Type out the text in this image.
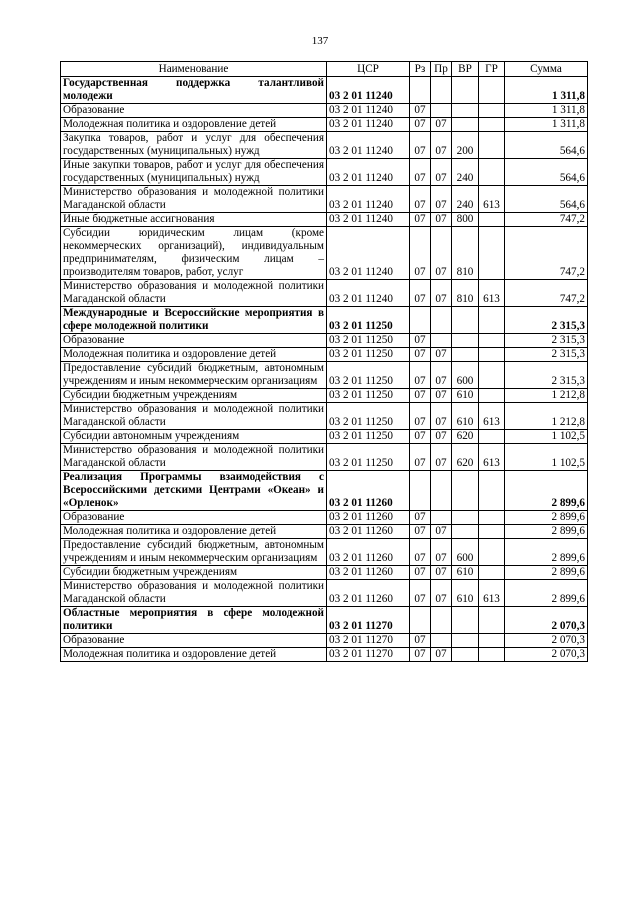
137
Наименование	ЦСР	Рз	Пр	ВР	ГР	Сумма
Государственная поддержка талантливой молодежи	03 2 01 11240					1 311,8
Образование	03 2 01 11240	07				1 311,8
Молодежная политика и оздоровление детей	03 2 01 11240	07	07			1 311,8
Закупка товаров, работ и услуг для обеспечения государственных (муниципальных) нужд	03 2 01 11240	07	07	200		564,6
Иные закупки товаров, работ и услуг для обеспечения государственных (муниципальных) нужд	03 2 01 11240	07	07	240		564,6
Министерство образования и молодежной политики Магаданской области	03 2 01 11240	07	07	240	613	564,6
Иные бюджетные ассигнования	03 2 01 11240	07	07	800		747,2
Субсидии юридическим лицам (кроме некоммерческих организаций), индивидуальным предпринимателям, физическим лицам – производителям товаров, работ, услуг	03 2 01 11240	07	07	810		747,2
Министерство образования и молодежной политики Магаданской области	03 2 01 11240	07	07	810	613	747,2
Международные и Всероссийские мероприятия в сфере молодежной политики	03 2 01 11250					2 315,3
Образование	03 2 01 11250	07				2 315,3
Молодежная политика и оздоровление детей	03 2 01 11250	07	07			2 315,3
Предоставление субсидий бюджетным, автономным учреждениям и иным некоммерческим организациям	03 2 01 11250	07	07	600		2 315,3
Субсидии бюджетным учреждениям	03 2 01 11250	07	07	610		1 212,8
Министерство образования и молодежной политики Магаданской области	03 2 01 11250	07	07	610	613	1 212,8
Субсидии автономным учреждениям	03 2 01 11250	07	07	620		1 102,5
Министерство образования и молодежной политики Магаданской области	03 2 01 11250	07	07	620	613	1 102,5
Реализация Программы взаимодействия с Всероссийскими детскими Центрами «Океан» и «Орленок»	03 2 01 11260					2 899,6
Образование	03 2 01 11260	07				2 899,6
Молодежная политика и оздоровление детей	03 2 01 11260	07	07			2 899,6
Предоставление субсидий бюджетным, автономным учреждениям и иным некоммерческим организациям	03 2 01 11260	07	07	600		2 899,6
Субсидии бюджетным учреждениям	03 2 01 11260	07	07	610		2 899,6
Министерство образования и молодежной политики Магаданской области	03 2 01 11260	07	07	610	613	2 899,6
Областные мероприятия в сфере молодежной политики	03 2 01 11270					2 070,3
Образование	03 2 01 11270	07				2 070,3
Молодежная политика и оздоровление детей	03 2 01 11270	07	07			2 070,3
